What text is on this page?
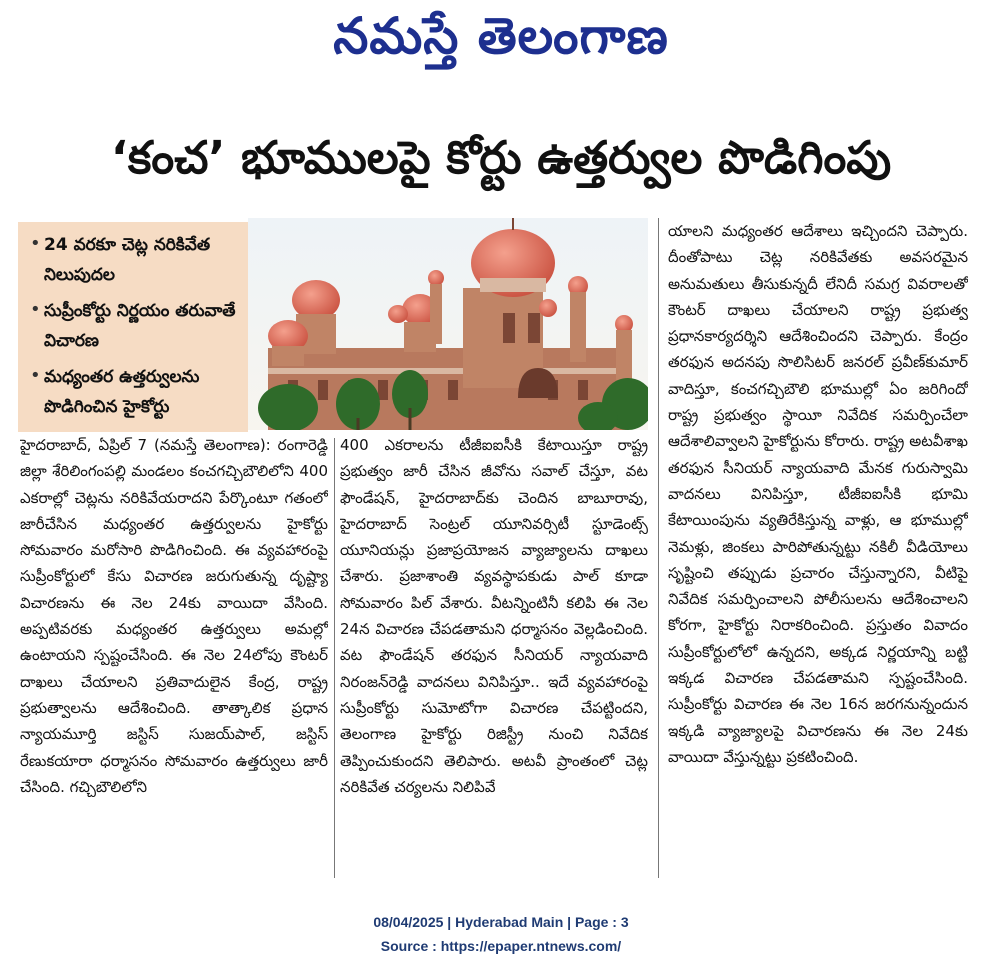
నమస్తే తెలంగాణ
‘కంచ’ భూములపై కోర్టు ఉత్తర్వుల పొడిగింపు
• 24 వరకూ చెట్ల నరికివేత నిలుపుదల
• సుప్రీంకోర్టు నిర్ణయం తరువాతే విచారణ
• మధ్యంతర ఉత్తర్వులను పొడిగించిన హైకోర్టు
హైదరాబాద్, ఏప్రిల్ 7 (నమస్తే తెలంగాణ): రంగారెడ్డి జిల్లా శేరిలింగంపల్లి మండలం కంచగచ్చిబౌలిలోని 400 ఎకరాల్లో చెట్లను నరికివేయరాదని పేర్కొంటూ గతంలో జారీచేసిన మధ్యంతర ఉత్తర్వులను హైకోర్టు సోమవారం మరోసారి పొడిగించింది. ఈ వ్యవహారంపై సుప్రీంకోర్టులో కేసు విచారణ జరుగుతున్న దృష్ట్యా విచారణను ఈ నెల 24కు వాయిదా వేసింది. అప్పటివరకు మధ్యంతర ఉత్తర్వులు అమల్లో ఉంటాయని స్పష్టంచేసింది. ఈ నెల 24లోపు కౌంటర్ దాఖలు చేయాలని ప్రతివాదులైన కేంద్ర, రాష్ట్ర ప్రభుత్వాలను ఆదేశించింది. తాత్కాలిక ప్రధాన న్యాయమూర్తి జస్టిస్ సుజయ్‌పాల్, జస్టిస్ రేణుకయారా ధర్మాసనం సోమవారం ఉత్తర్వులు జారీ చేసింది. గచ్చిబౌలిలోని
400 ఎకరాలను టీజీఐఐసీకి కేటాయిస్తూ రాష్ట్ర ప్రభుత్వం జారీ చేసిన జీవోను సవాల్ చేస్తూ, వట ఫౌండేషన్, హైదరాబాద్‌కు చెందిన బాబూరావు, హైదరాబాద్ సెంట్రల్ యూనివర్సిటీ స్టూడెంట్స్ యూనియన్లు ప్రజాప్రయోజన వ్యాజ్యాలను దాఖలు చేశారు. ప్రజాశాంతి వ్యవస్థాపకుడు పాల్ కూడా సోమవారం పిల్ వేశారు. వీటన్నింటినీ కలిపి ఈ నెల 24న విచారణ చేపడతామని ధర్మాసనం వెల్లడించింది. వట ఫౌండేషన్ తరఫున సీనియర్ న్యాయవాది నిరంజన్‌రెడ్డి వాదనలు వినిపిస్తూ.. ఇదే వ్యవహారంపై సుప్రీంకోర్టు సుమోటోగా విచారణ చేపట్టిందని, తెలంగాణ హైకోర్టు రిజిస్ట్రీ నుంచి నివేదిక తెప్పించుకుందని తెలిపారు. అటవీ ప్రాంతంలో చెట్ల నరికివేత చర్యలను నిలిపివే
యాలని మధ్యంతర ఆదేశాలు ఇచ్చిందని చెప్పారు. దీంతోపాటు చెట్ల నరికివేతకు అవసరమైన అనుమతులు తీసుకున్నదీ లేనిదీ సమగ్ర వివరాలతో కౌంటర్ దాఖలు చేయాలని రాష్ట్ర ప్రభుత్వ ప్రధానకార్యదర్శిని ఆదేశించిందని చెప్పారు. కేంద్రం తరఫున అదనపు సొలిసిటర్ జనరల్ ప్రవీణ్‌కుమార్ వాదిస్తూ, కంచగచ్చిబౌలి భూముల్లో ఏం జరిగిందో రాష్ట్ర ప్రభుత్వం స్థాయీ నివేదిక సమర్పించేలా ఆదేశాలివ్వాలని హైకోర్టును కోరారు. రాష్ట్ర అటవీశాఖ తరఫున సీనియర్ న్యాయవాది మేనక గురుస్వామి వాదనలు వినిపిస్తూ, టీజీఐఐసీకి భూమి కేటాయింపును వ్యతిరేకిస్తున్న వాళ్లు, ఆ భూముల్లో నెమళ్లు, జింకలు పారిపోతున్నట్టు నకిలీ వీడియోలు సృష్టించి తప్పుడు ప్రచారం చేస్తున్నారని, వీటిపై నివేదిక సమర్పించాలని పోలీసులను ఆదేశించాలని కోరగా, హైకోర్టు నిరాకరించింది. ప్రస్తుతం వివాదం సుప్రీంకోర్టులోలో ఉన్నదని, అక్కడ నిర్ణయాన్ని బట్టి ఇక్కడ విచారణ చేపడతామని స్పష్టంచేసింది. సుప్రీంకోర్టు విచారణ ఈ నెల 16న జరగనున్నందున ఇక్కడి వ్యాజ్యాలపై విచారణను ఈ నెల 24కు వాయిదా వేస్తున్నట్టు ప్రకటించింది.
08/04/2025 | Hyderabad Main | Page : 3
Source : https://epaper.ntnews.com/
